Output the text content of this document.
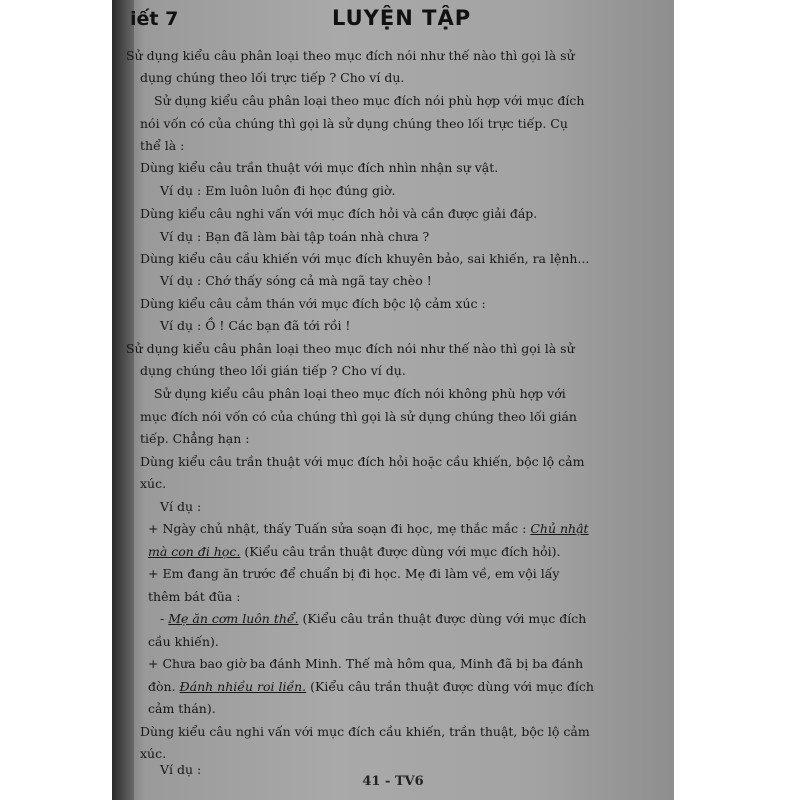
iết 7	LUYỆN TẬP
Sử dụng kiểu câu phân loại theo mục đích nói như thế nào thì gọi là sử
dụng chúng theo lối trực tiếp ? Cho ví dụ.
Sử dụng kiểu câu phân loại theo mục đích nói phù hợp với mục đích
nói vốn có của chúng thì gọi là sử dụng chúng theo lối trực tiếp. Cụ
thể là :
Dùng kiểu câu trần thuật với mục đích nhìn nhận sự vật.
Ví dụ : Em luôn luôn đi học đúng giờ.
Dùng kiểu câu nghi vấn với mục đích hỏi và cần được giải đáp.
Ví dụ : Bạn đã làm bài tập toán nhà chưa ?
Dùng kiểu câu cầu khiến với mục đích khuyên bảo, sai khiến, ra lệnh...
Ví dụ : Chớ thấy sóng cả mà ngã tay chèo !
Dùng kiểu câu cảm thán với mục đích bộc lộ cảm xúc :
Ví dụ : Ồ ! Các bạn đã tới rồi !
Sử dụng kiểu câu phân loại theo mục đích nói như thế nào thì gọi là sử
dụng chúng theo lối gián tiếp ? Cho ví dụ.
Sử dụng kiểu câu phân loại theo mục đích nói không phù hợp với
mục đích nói vốn có của chúng thì gọi là sử dụng chúng theo lối gián
tiếp. Chẳng hạn :
Dùng kiểu câu trần thuật với mục đích hỏi hoặc cầu khiến, bộc lộ cảm
xúc.
Ví dụ :
+ Ngày chủ nhật, thấy Tuấn sửa soạn đi học, mẹ thắc mắc : Chủ nhật
mà con đi học. (Kiểu câu trần thuật được dùng với mục đích hỏi).
+ Em đang ăn trước để chuẩn bị đi học. Mẹ đi làm về, em vội lấy
thêm bát đũa :
- Mẹ ăn cơm luôn thể. (Kiểu câu trần thuật được dùng với mục đích
cầu khiến).
+ Chưa bao giờ ba đánh Minh. Thế mà hôm qua, Minh đã bị ba đánh
đòn. Đánh nhiều roi liền. (Kiểu câu trần thuật được dùng với mục đích
cảm thán).
Dùng kiểu câu nghi vấn với mục đích cầu khiến, trần thuật, bộc lộ cảm
xúc.
Ví dụ :
41 - TV6
